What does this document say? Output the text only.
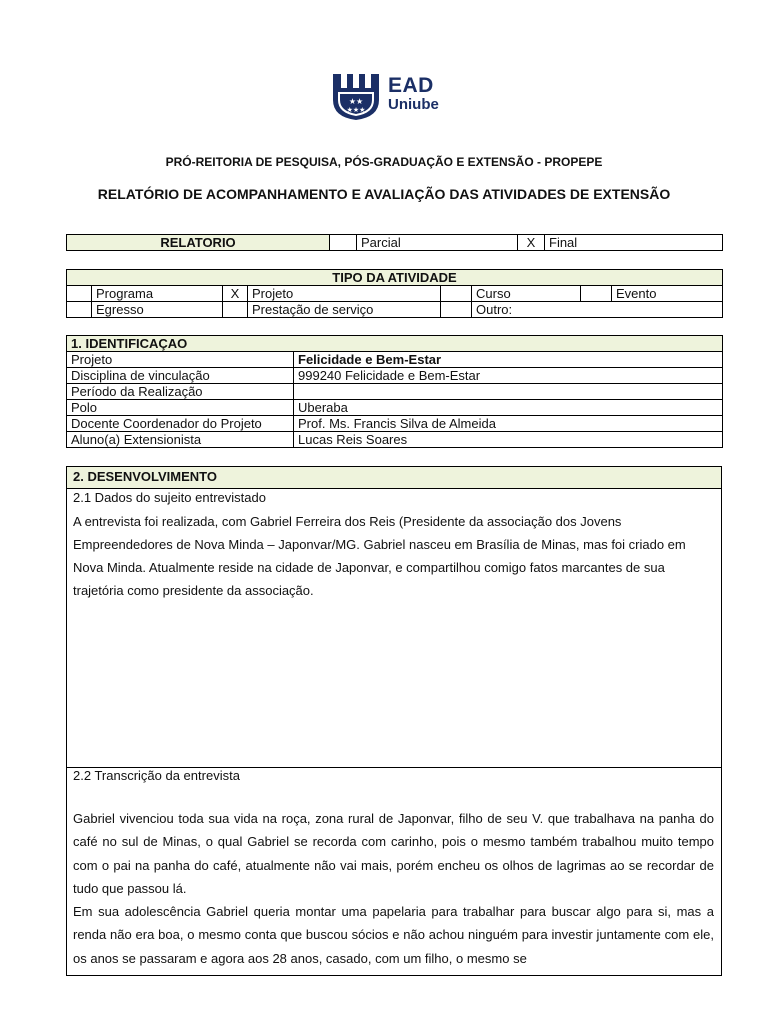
★★
★★★
EAD
Uniube
PRÓ-REITORIA DE PESQUISA, PÓS-GRADUAÇÃO E EXTENSÃO - PROPEPE
RELATÓRIO DE ACOMPANHAMENTO E AVALIAÇÃO DAS ATIVIDADES DE EXTENSÃO
RELATORIO		Parcial	X	Final
TIPO DA ATIVIDADE							
	Programa	X	Projeto		Curso		Evento
	Egresso		Prestação de serviço		Outro:		
1. IDENTIFICAÇAO	
Projeto	Felicidade e Bem-Estar
Disciplina de vinculação	999240 Felicidade e Bem-Estar
Período da Realização	
Polo	Uberaba
Docente Coordenador do Projeto	Prof. Ms. Francis Silva de Almeida
Aluno(a) Extensionista	Lucas Reis Soares
2. DESENVOLVIMENTO
2.1 Dados do sujeito entrevistado
A entrevista foi realizada, com Gabriel Ferreira dos Reis (Presidente da associação dos Jovens Empreendedores de Nova Minda – Japonvar/MG. Gabriel nasceu em Brasília de Minas, mas foi criado em Nova Minda. Atualmente reside na cidade de Japonvar, e compartilhou comigo fatos marcantes de sua trajetória como presidente da associação.
2.2 Transcrição da entrevista

Gabriel vivenciou toda sua vida na roça, zona rural de Japonvar, filho de seu V. que trabalhava na panha do café no sul de Minas, o qual Gabriel se recorda com carinho, pois o mesmo também trabalhou muito tempo com o pai na panha do café, atualmente não vai mais, porém encheu os olhos de lagrimas ao se recordar de tudo que passou lá.

Em sua adolescência Gabriel queria montar uma papelaria para trabalhar para buscar algo para si, mas a renda não era boa, o mesmo conta que buscou sócios e não achou ninguém para investir juntamente com ele, os anos se passaram e agora aos 28 anos, casado, com um filho, o mesmo se
